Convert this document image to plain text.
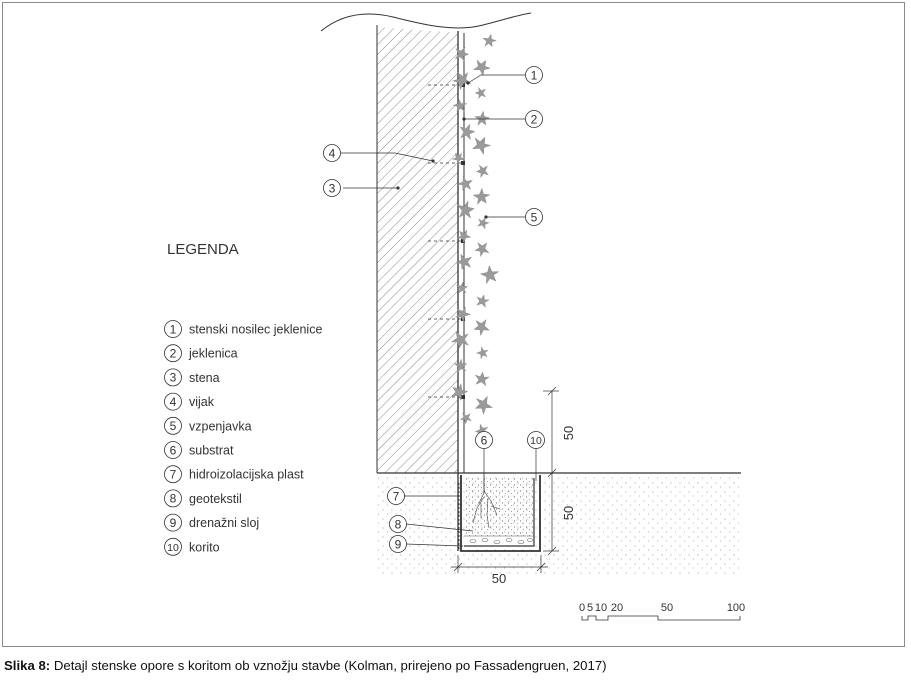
1
2
4
3
5
6	10
7
8
9
50
50
50
0 5 10 20	50	100
LEGENDA
1 stenski nosilec jeklenice
2 jeklenica
3 stena
4 vijak
5 vzpenjavka
6 substrat
7 hidroizolacijska plast
8 geotekstil
9 drenažni sloj
10 korito
Slika 8: Detajl stenske opore s koritom ob vznožju stavbe (Kolman, prirejeno po Fassadengruen, 2017)
